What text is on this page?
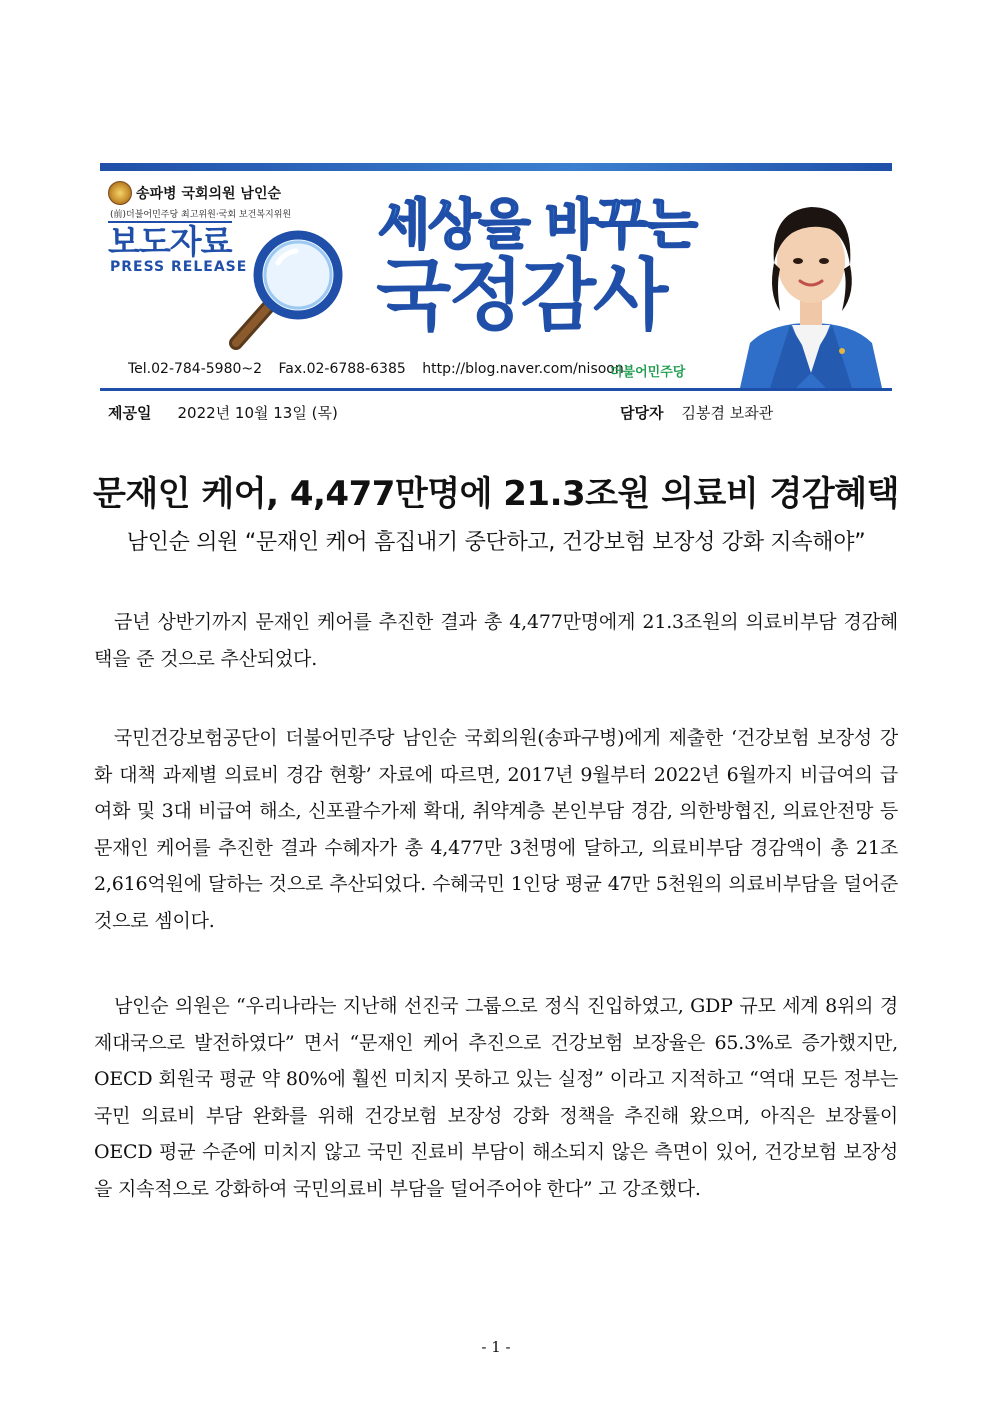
송파병 국회의원 남인순
(前)더불어민주당 최고위원·국회 보건복지위원
보도자료
PRESS RELEASE
세상을 바꾸는
국정감사
Tel.02-784-5980~2 Fax.02-6788-6385 http://blog.naver.com/nisoon
더불어민주당
제공일 2022년 10월 13일 (목)	담당자 김봉겸 보좌관
문재인 케어, 4,477만명에 21.3조원 의료비 경감혜택
남인순 의원 “문재인 케어 흠집내기 중단하고, 건강보험 보장성 강화 지속해야”

금년 상반기까지 문재인 케어를 추진한 결과 총 4,477만명에게 21.3조원의 의료비부담 경감혜택을 준 것으로 추산되었다.

국민건강보험공단이 더불어민주당 남인순 국회의원(송파구병)에게 제출한 ‘건강보험 보장성 강화 대책 과제별 의료비 경감 현황’ 자료에 따르면, 2017년 9월부터 2022년 6월까지 비급여의 급여화 및 3대 비급여 해소, 신포괄수가제 확대, 취약계층 본인부담 경감, 의한방협진, 의료안전망 등 문재인 케어를 추진한 결과 수혜자가 총 4,477만 3천명에 달하고, 의료비부담 경감액이 총 21조 2,616억원에 달하는 것으로 추산되었다. 수혜국민 1인당 평균 47만 5천원의 의료비부담을 덜어준 것으로 셈이다.

남인순 의원은 “우리나라는 지난해 선진국 그룹으로 정식 진입하였고, GDP 규모 세계 8위의 경제대국으로 발전하였다” 면서 “문재인 케어 추진으로 건강보험 보장율은 65.3%로 증가했지만, OECD 회원국 평균 약 80%에 훨씬 미치지 못하고 있는 실정” 이라고 지적하고 “역대 모든 정부는 국민 의료비 부담 완화를 위해 건강보험 보장성 강화 정책을 추진해 왔으며, 아직은 보장률이 OECD 평균 수준에 미치지 않고 국민 진료비 부담이 해소되지 않은 측면이 있어, 건강보험 보장성을 지속적으로 강화하여 국민의료비 부담을 덜어주어야 한다” 고 강조했다.

- 1 -
